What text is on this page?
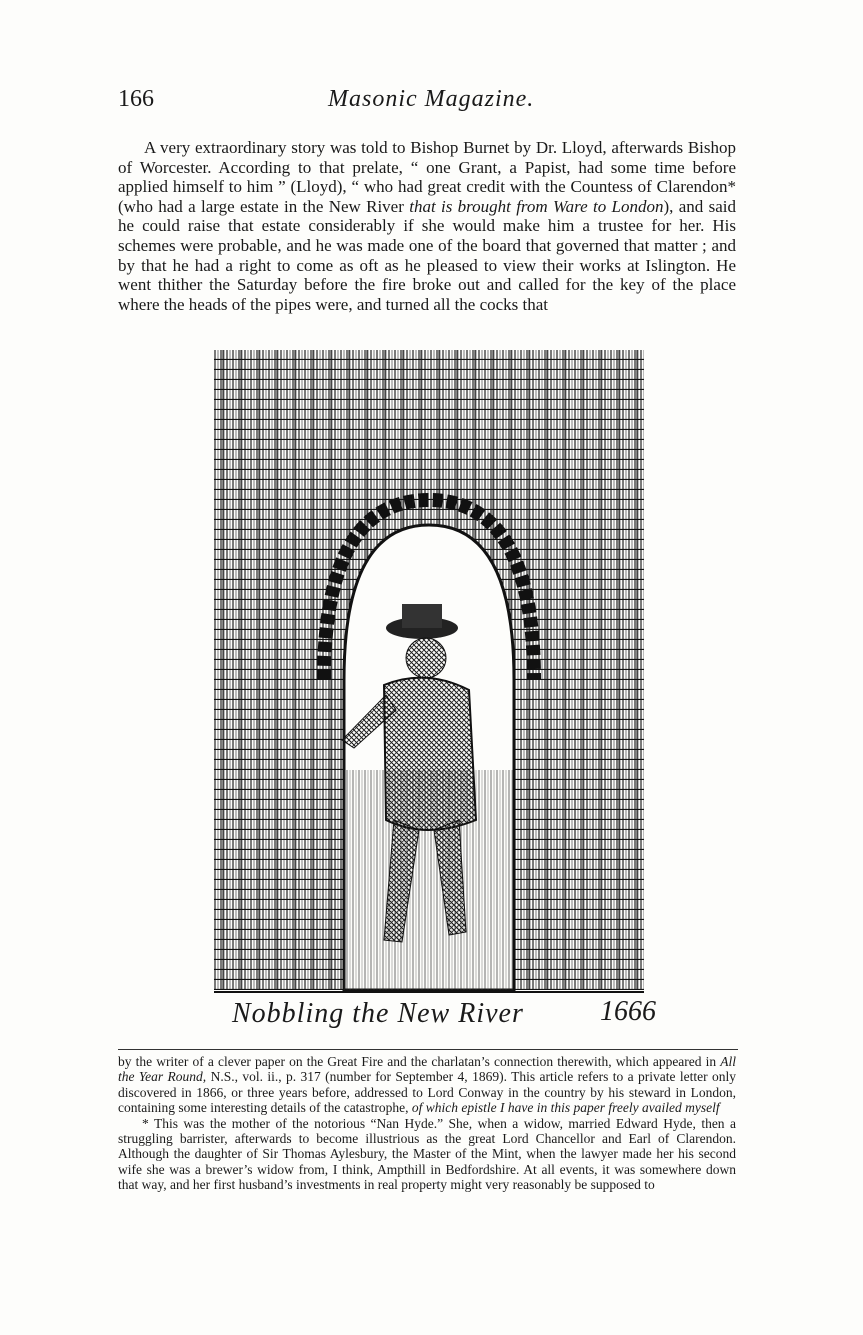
166	Masonic Magazine.

A very extraordinary story was told to Bishop Burnet by Dr. Lloyd, afterwards Bishop of Worcester. According to that prelate, “ one Grant, a Papist, had some time before applied himself to him ” (Lloyd), “ who had great credit with the Countess of Clarendon* (who had a large estate in the New River that is brought from Ware to London), and said he could raise that estate considerably if she would make him a trustee for her. His schemes were probable, and he was made one of the board that governed that matter ; and by that he had a right to come as oft as he pleased to view their works at Islington. He went thither the Saturday before the fire broke out and called for the key of the place where the heads of the pipes were, and turned all the cocks that

Nobbling the New River	1666

by the writer of a clever paper on the Great Fire and the charlatan’s connection therewith, which appeared in All the Year Round, N.S., vol. ii., p. 317 (number for September 4, 1869). This article refers to a private letter only discovered in 1866, or three years before, addressed to Lord Conway in the country by his steward in London, containing some interesting details of the catastrophe, of which epistle I have in this paper freely availed myself

* This was the mother of the notorious “Nan Hyde.” She, when a widow, married Edward Hyde, then a struggling barrister, afterwards to become illustrious as the great Lord Chancellor and Earl of Clarendon. Although the daughter of Sir Thomas Aylesbury, the Master of the Mint, when the lawyer made her his second wife she was a brewer’s widow from, I think, Ampthill in Bedfordshire. At all events, it was somewhere down that way, and her first husband’s investments in real property might very reasonably be supposed to
